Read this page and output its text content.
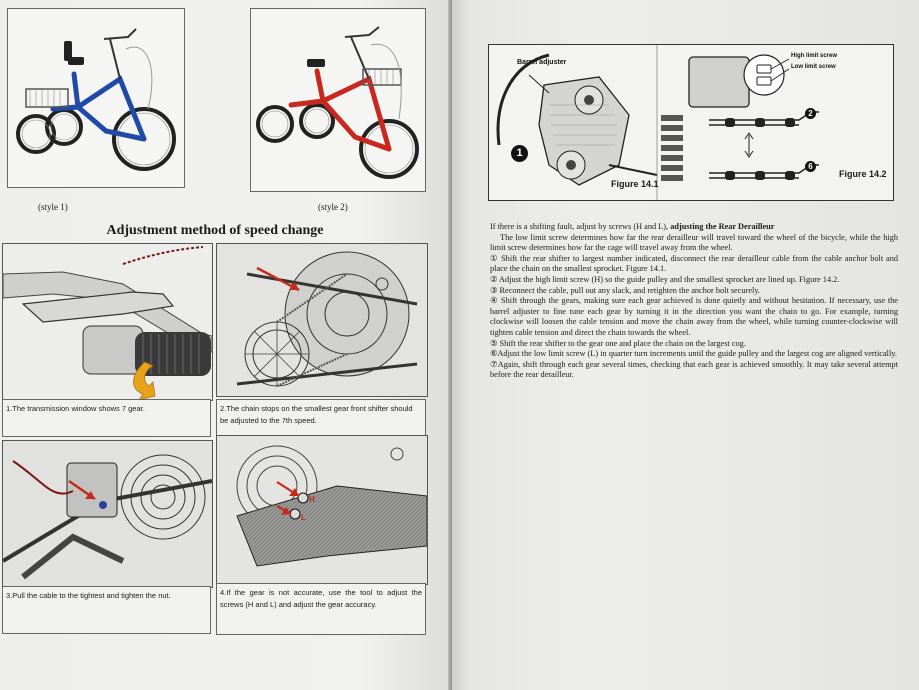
(style 1)	(style 2)
Adjustment method of speed change
1.The transmission window shows 7 gear.	2.The chain stops on the smallest gear front shifter should be adjusted to the 7th speed.
3.Pull the cable to the tightest and tighten the nut.
H
L
4.If the gear is not accurate, use the tool to adjust the screws (H and L) and adjust the gear accuracy.
Barrel adjuster
High limit screw
Low limit screw
1
2
6
Figure 14.1
Figure 14.2

If there is a shifting fault, adjust by screws (H and L), adjusting the Rear Derailleur

The low limit screw determines how far the rear derailleur will travel toward the wheel of the bicycle, while the high limit screw determines how far the cage will travel away from the wheel.

① Shift the rear shifter to largest number indicated, disconnect the rear derailleur cable from the cable anchor bolt and place the chain on the smallest sprocket. Figure 14.1.

② Adjust the high limit screw (H) so the guide pulley and the smallest sprocket are lined up. Figure 14.2.

③ Reconnect the cable, pull out any slack, and retighten the anchor bolt securely.

④ Shift through the gears, making sure each gear achieved is done quietly and without hesitation. If necessary, use the barrel adjuster to fine tune each gear by turning it in the direction you want the chain to go. For example, turning clockwise will loosen the cable tension and move the chain away from the wheel, while turning counter-clockwise will tighten cable tension and direct the chain towards the wheel.

⑤ Shift the rear shifter to the gear one and place the chain on the largest cog.

⑥Adjust the low limit screw (L) in quarter turn increments until the guide pulley and the largest cog are aligned vertically.

⑦Again, shift through each gear several times, checking that each gear is achieved smoothly. It may take several attempt before the rear derailleur.
